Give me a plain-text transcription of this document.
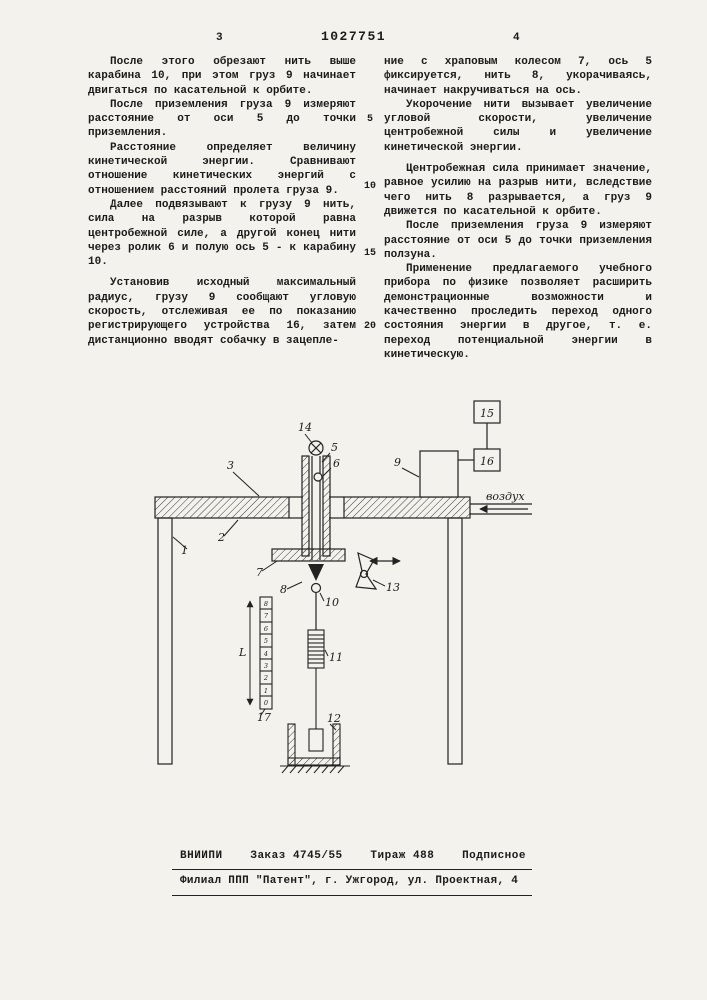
3	1027751	4

После этого обрезают нить выше карабина 10, при этом груз 9 начинает двигаться по касательной к орбите.

После приземления груза 9 измеряют расстояние от оси 5 до точки приземления.

Расстояние определяет величину кинетической энергии. Сравнивают отношение кинетических энергий с отношением расстояний пролета груза 9.

Далее подвязывают к грузу 9 нить, сила на разрыв которой равна центробежной силе, а другой конец нити через ролик 6 и полую ось 5 - к карабину 10.

Установив исходный максимальный радиус, грузу 9 сообщают угловую скорость, отслеживая ее по показанию регистрирующего устройства 16, затем дистанционно вводят собачку в зацепле-

5
10
15
20

ние с храповым колесом 7, ось 5 фиксируется, нить 8, укорачиваясь, начинает накручиваться на ось.

Укорочение нити вызывает увеличение угловой скорости, увеличение центробежной силы и увеличение кинетической энергии.

Центробежная сила принимает значение, равное усилию на разрыв нити, вследствие чего нить 8 разрывается, а груз 9 движется по касательной к орбите.

После приземления груза 9 измеряют расстояние от оси 5 до точки приземления ползуна.

Применение предлагаемого учебного прибора по физике позволяет расширить демонстрационные возможности и качественно проследить переход одного состояния энергии в другое, т. е. переход потенциальной энергии в кинетическую.

воздух
8
7
6
5
4
3
2
1
0
L
14
5
6
3
2
1
7
8
9
10
11
12
13
15
16
17
ВНИИПИ	Заказ 4745/55	Тираж 488	Подписное
Филиал ППП "Патент", г. Ужгород, ул. Проектная, 4
